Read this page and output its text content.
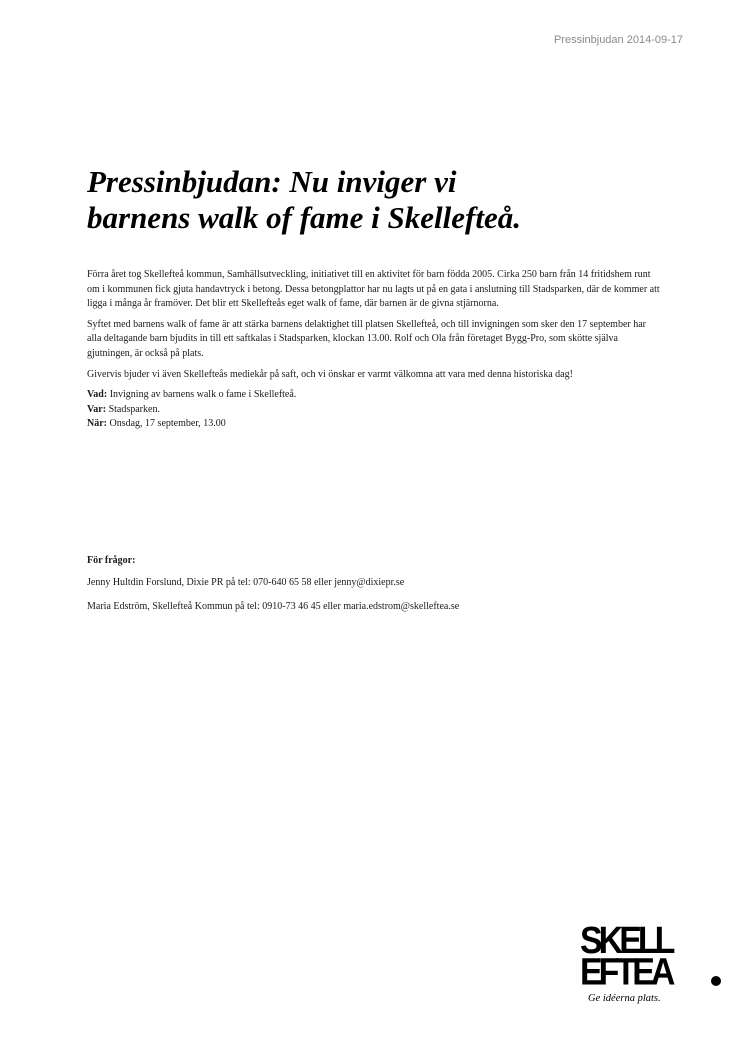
Pressinbjudan 2014-09-17
Pressinbjudan: Nu inviger vi
barnens walk of fame i Skellefteå.

Förra året tog Skellefteå kommun, Samhällsutveckling, initiativet till en aktivitet för barn födda 2005. Cirka 250 barn från 14 fritidshem runt om i kommunen fick gjuta handavtryck i betong. Dessa betongplattor har nu lagts ut på en gata i anslutning till Stadsparken, där de kommer att ligga i många år framöver. Det blir ett Skellefteås eget walk of fame, där barnen är de givna stjärnorna.

Syftet med barnens walk of fame är att stärka barnens delaktighet till platsen Skellefteå, och till invigningen som sker den 17 september har alla deltagande barn bjudits in till ett saftkalas i Stadsparken, klockan 13.00. Rolf och Ola från företaget Bygg-Pro, som skötte själva gjutningen, är också på plats.

Givervis bjuder vi även Skellefteås mediekår på saft, och vi önskar er varmt välkomna att vara med denna historiska dag!

Vad: Invigning av barnens walk o fame i Skellefteå.
Var: Stadsparken.
När: Onsdag, 17 september, 13.00
För frågor:

Jenny Hultdin Forslund, Dixie PR på tel: 070-640 65 58 eller jenny@dixiepr.se

Maria Edström, Skellefteå Kommun på tel: 0910-73 46 45 eller maria.edstrom@skelleftea.se

SKELL
EFTEA
Ge idéerna plats.
